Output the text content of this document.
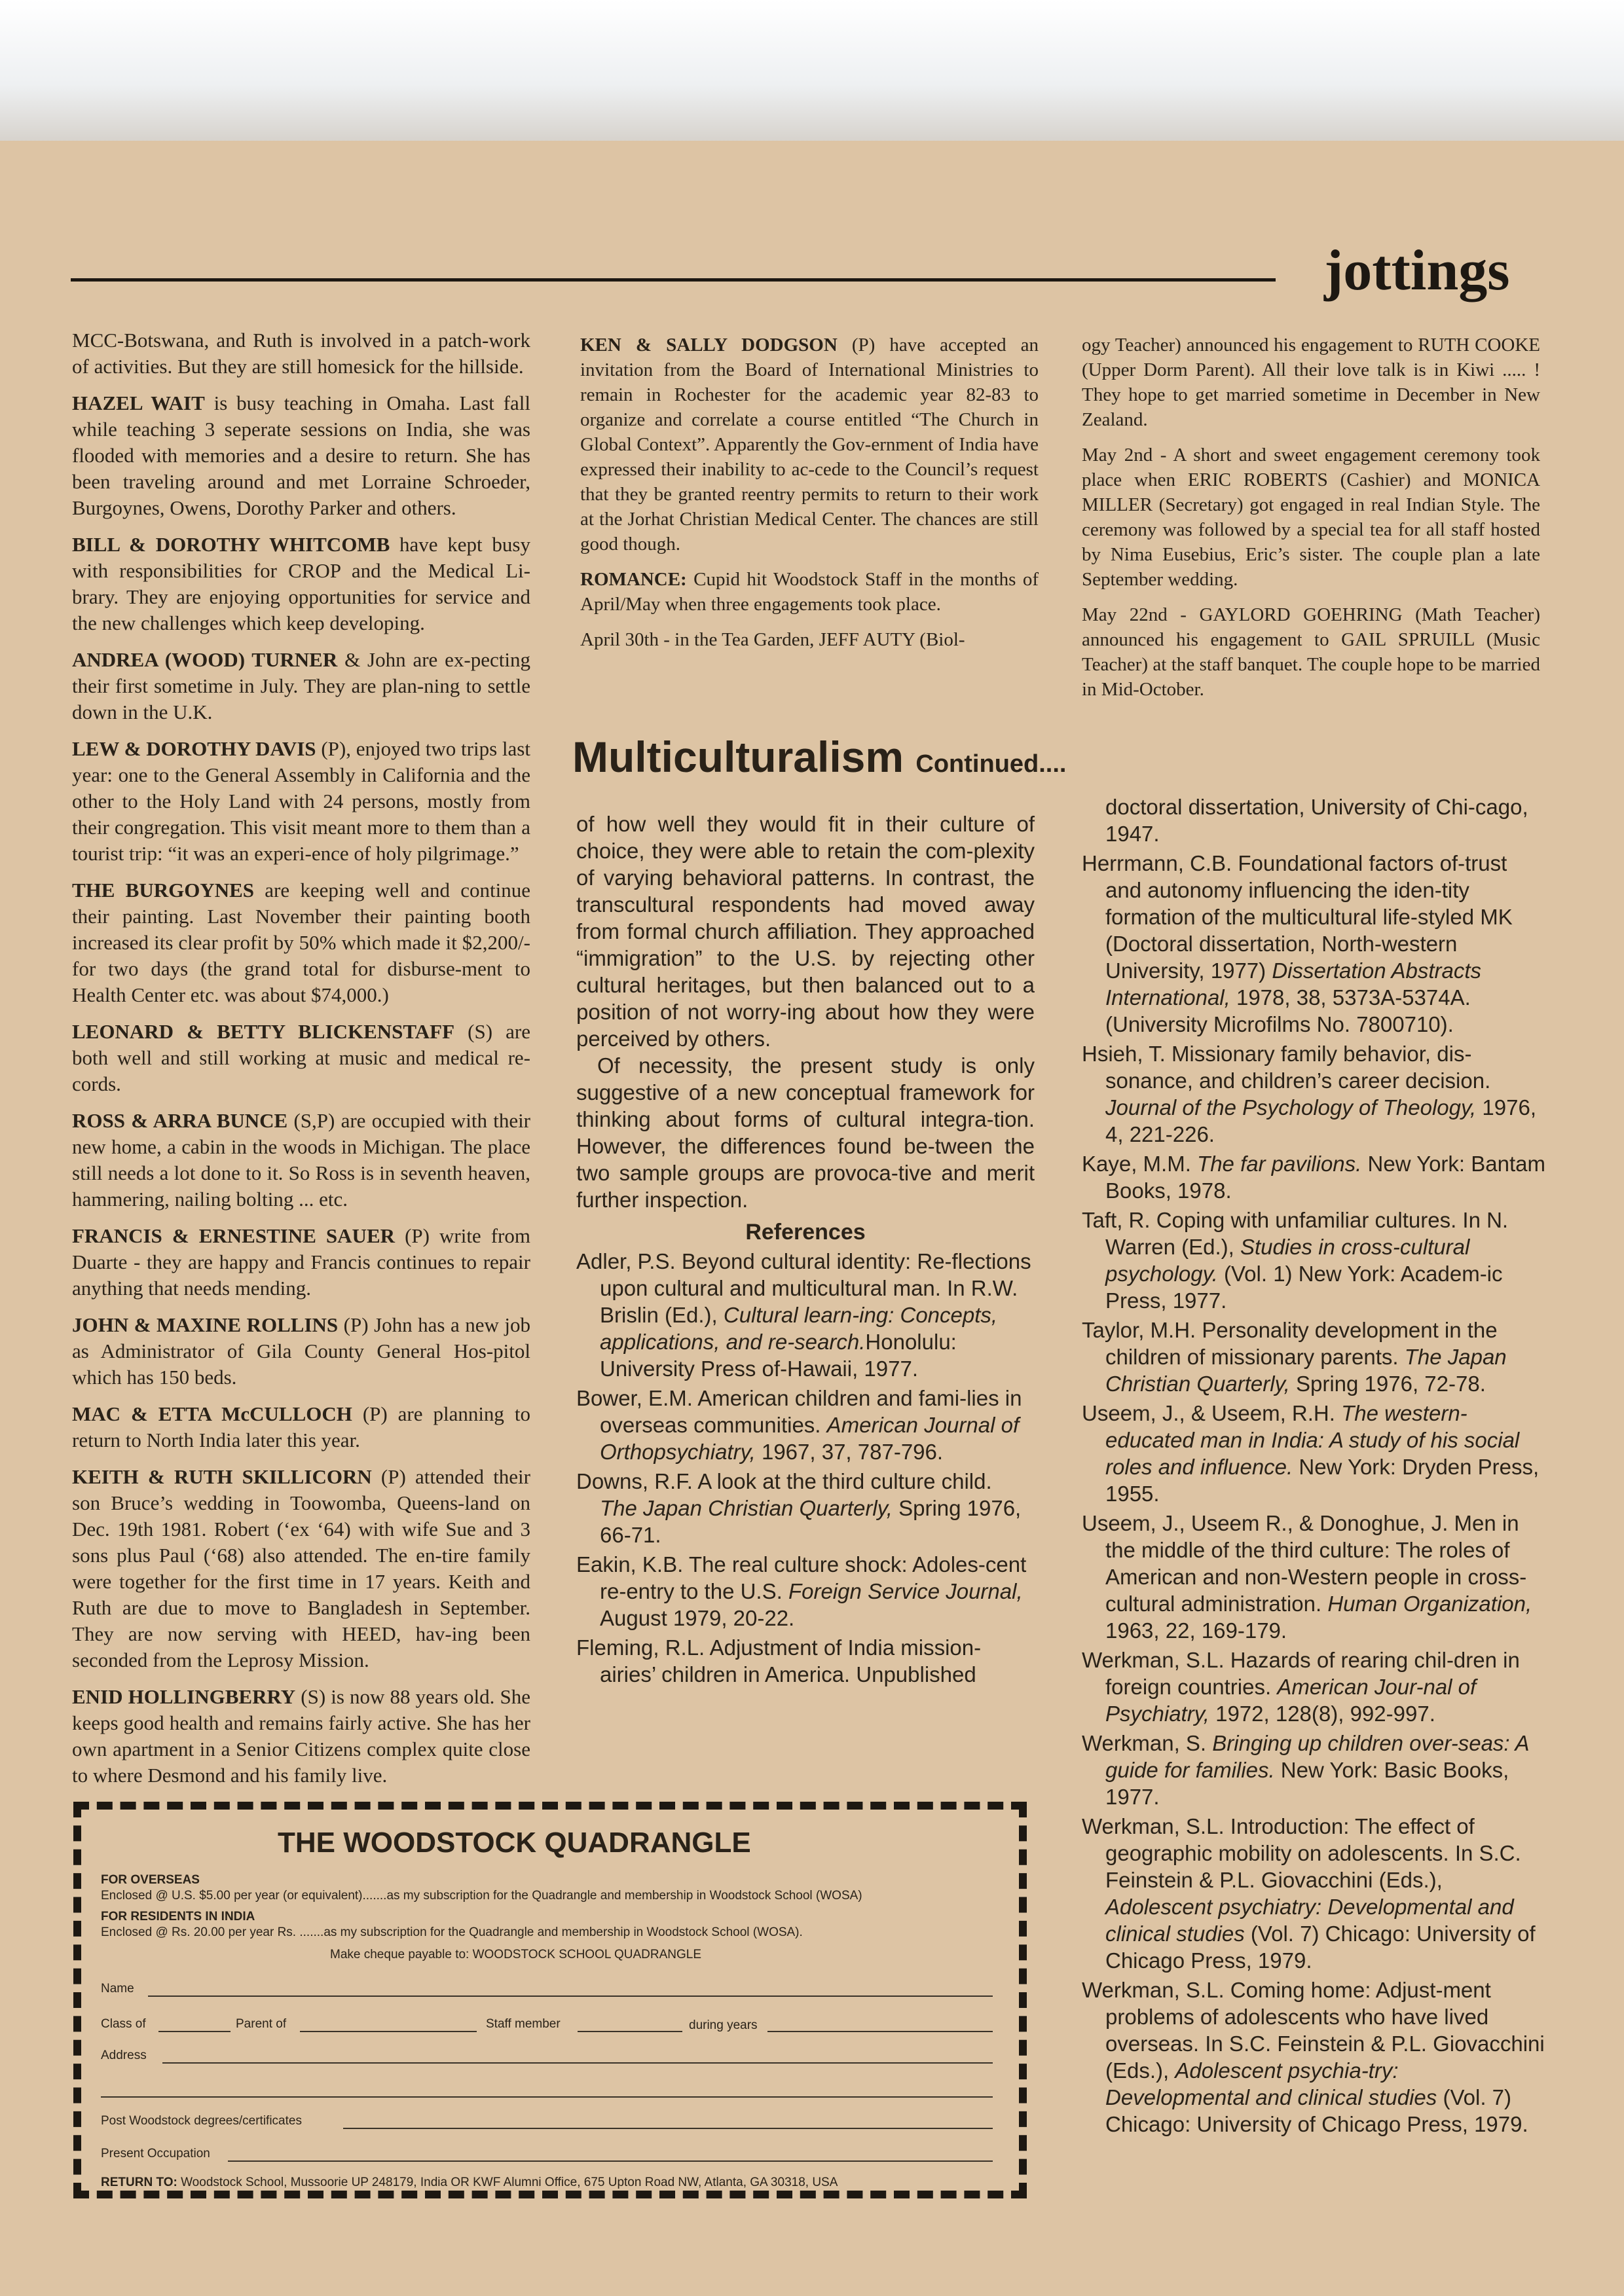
jottings

MCC-Botswana, and Ruth is involved in a patch-work of activities. But they are still homesick for the hillside.

HAZEL WAIT is busy teaching in Omaha. Last fall while teaching 3 seperate sessions on India, she was flooded with memories and a desire to return. She has been traveling around and met Lorraine Schroeder, Burgoynes, Owens, Dorothy Parker and others.

BILL & DOROTHY WHITCOMB have kept busy with responsibilities for CROP and the Medical Li-brary. They are enjoying opportunities for service and the new challenges which keep developing.

ANDREA (WOOD) TURNER & John are ex-pecting their first sometime in July. They are plan-ning to settle down in the U.K.

LEW & DOROTHY DAVIS (P), enjoyed two trips last year: one to the General Assembly in California and the other to the Holy Land with 24 persons, mostly from their congregation. This visit meant more to them than a tourist trip: “it was an experi-ence of holy pilgrimage.”

THE BURGOYNES are keeping well and continue their painting. Last November their painting booth increased its clear profit by 50% which made it $2,200/- for two days (the grand total for disburse-ment to Health Center etc. was about $74,000.)

LEONARD & BETTY BLICKENSTAFF (S) are both well and still working at music and medical re-cords.

ROSS & ARRA BUNCE (S,P) are occupied with their new home, a cabin in the woods in Michigan. The place still needs a lot done to it. So Ross is in seventh heaven, hammering, nailing bolting ... etc.

FRANCIS & ERNESTINE SAUER (P) write from Duarte - they are happy and Francis continues to repair anything that needs mending.

JOHN & MAXINE ROLLINS (P) John has a new job as Administrator of Gila County General Hos-pitol which has 150 beds.

MAC & ETTA McCULLOCH (P) are planning to return to North India later this year.

KEITH & RUTH SKILLICORN (P) attended their son Bruce’s wedding in Toowomba, Queens-land on Dec. 19th 1981. Robert (‘ex ‘64) with wife Sue and 3 sons plus Paul (‘68) also attended. The en-tire family were together for the first time in 17 years. Keith and Ruth are due to move to Bangladesh in September. They are now serving with HEED, hav-ing been seconded from the Leprosy Mission.

ENID HOLLINGBERRY (S) is now 88 years old. She keeps good health and remains fairly active. She has her own apartment in a Senior Citizens complex quite close to where Desmond and his family live.

KEN & SALLY DODGSON (P) have accepted an invitation from the Board of International Ministries to remain in Rochester for the academic year 82-83 to organize and correlate a course entitled “The Church in Global Context”. Apparently the Gov-ernment of India have expressed their inability to ac-cede to the Council’s request that they be granted reentry permits to return to their work at the Jorhat Christian Medical Center. The chances are still good though.

ROMANCE: Cupid hit Woodstock Staff in the months of April/May when three engagements took place.

April 30th - in the Tea Garden, JEFF AUTY (Biol-

ogy Teacher) announced his engagement to RUTH COOKE (Upper Dorm Parent). All their love talk is in Kiwi ..... ! They hope to get married sometime in December in New Zealand.

May 2nd - A short and sweet engagement ceremony took place when ERIC ROBERTS (Cashier) and MONICA MILLER (Secretary) got engaged in real Indian Style. The ceremony was followed by a special tea for all staff hosted by Nima Eusebius, Eric’s sister. The couple plan a late September wedding.

May 22nd - GAYLORD GOEHRING (Math Teacher) announced his engagement to GAIL SPRUILL (Music Teacher) at the staff banquet. The couple hope to be married in Mid-October.

Multiculturalism Continued....

of how well they would fit in their culture of choice, they were able to retain the com-plexity of varying behavioral patterns. In contrast, the transcultural respondents had moved away from formal church affiliation. They approached “immigration” to the U.S. by rejecting other cultural heritages, but then balanced out to a position of not worry-ing about how they were perceived by others.

Of necessity, the present study is only suggestive of a new conceptual framework for thinking about forms of cultural integra-tion. However, the differences found be-tween the two sample groups are provoca-tive and merit further inspection.

References
Adler, P.S. Beyond cultural identity: Re-flections upon cultural and multicultural man. In R.W. Brislin (Ed.), Cultural learn-ing: Concepts, applications, and re-search.Honolulu: University Press of-Hawaii, 1977.
Bower, E.M. American children and fami-lies in overseas communities. American Journal of Orthopsychiatry, 1967, 37, 787-796.
Downs, R.F. A look at the third culture child. The Japan Christian Quarterly, Spring 1976, 66-71.
Eakin, K.B. The real culture shock: Adoles-cent re-entry to the U.S. Foreign Service Journal, August 1979, 20-22.
Fleming, R.L. Adjustment of India mission-airies’ children in America. Unpublished
doctoral dissertation, University of Chi-cago, 1947.
Herrmann, C.B. Foundational factors of-trust and autonomy influencing the iden-tity formation of the multicultural life-styled MK (Doctoral dissertation, North-western University, 1977) Dissertation Abstracts International, 1978, 38, 5373A-5374A. (University Microfilms No. 7800710).
Hsieh, T. Missionary family behavior, dis-sonance, and children’s career decision. Journal of the Psychology of Theology, 1976, 4, 221-226.
Kaye, M.M. The far pavilions. New York: Bantam Books, 1978.
Taft, R. Coping with unfamiliar cultures. In N. Warren (Ed.), Studies in cross-cultural psychology. (Vol. 1) New York: Academ-ic Press, 1977.
Taylor, M.H. Personality development in the children of missionary parents. The Japan Christian Quarterly, Spring 1976, 72-78.
Useem, J., & Useem, R.H. The western-educated man in India: A study of his social roles and influence. New York: Dryden Press, 1955.
Useem, J., Useem R., & Donoghue, J. Men in the middle of the third culture: The roles of American and non-Western people in cross-cultural administration. Human Organization, 1963, 22, 169-179.
Werkman, S.L. Hazards of rearing chil-dren in foreign countries. American Jour-nal of Psychiatry, 1972, 128(8), 992-997.
Werkman, S. Bringing up children over-seas: A guide for families. New York: Basic Books, 1977.
Werkman, S.L. Introduction: The effect of geographic mobility on adolescents. In S.C. Feinstein & P.L. Giovacchini (Eds.), Adolescent psychiatry: Developmental and clinical studies (Vol. 7) Chicago: University of Chicago Press, 1979.
Werkman, S.L. Coming home: Adjust-ment problems of adolescents who have lived overseas. In S.C. Feinstein & P.L. Giovacchini (Eds.), Adolescent psychia-try: Developmental and clinical studies (Vol. 7) Chicago: University of Chicago Press, 1979.
THE WOODSTOCK QUADRANGLE
FOR OVERSEAS
Enclosed @ U.S. $5.00 per year (or equivalent).......as my subscription for the Quadrangle and membership in Woodstock School (WOSA)
FOR RESIDENTS IN INDIA
Enclosed @ Rs. 20.00 per year Rs. .......as my subscription for the Quadrangle and membership in Woodstock School (WOSA).
Make cheque payable to: WOODSTOCK SCHOOL QUADRANGLE
Name
Class of	Parent of	Staff member	during years
Address
Post Woodstock degrees/certificates
Present Occupation
RETURN TO: Woodstock School, Mussoorie UP 248179, India OR KWF Alumni Office, 675 Upton Road NW, Atlanta, GA 30318, USA
